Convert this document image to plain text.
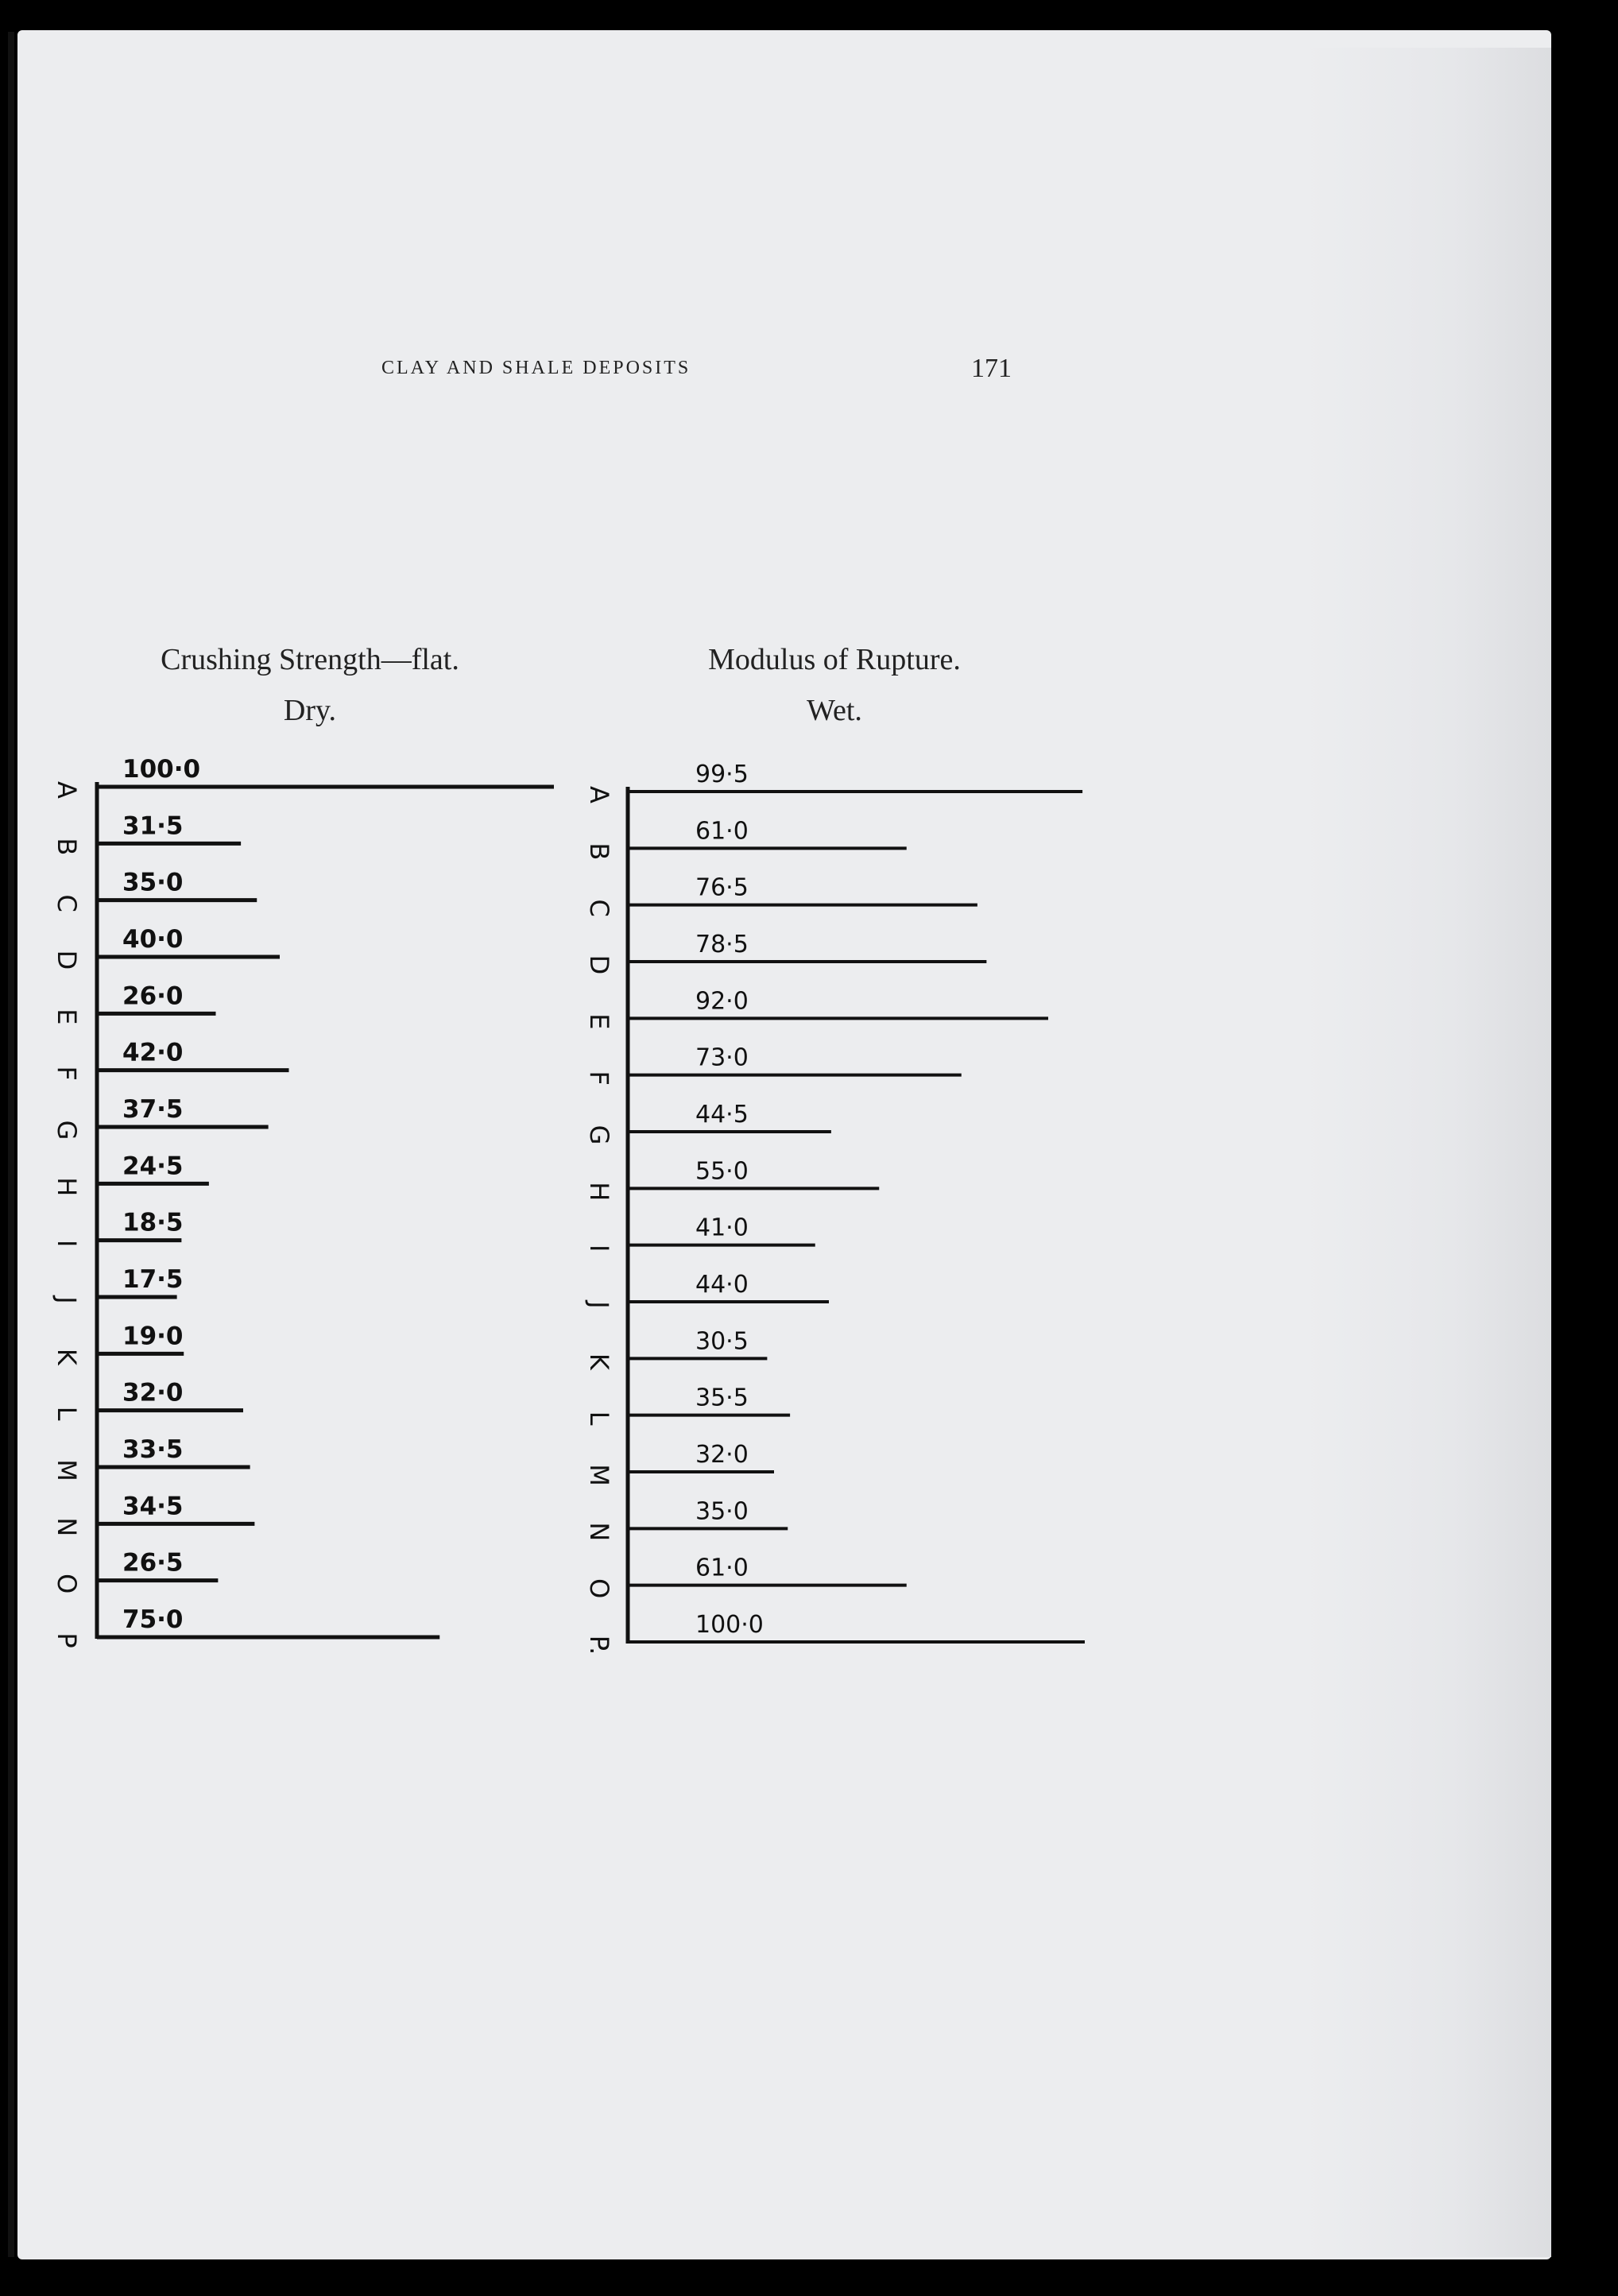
CLAY AND SHALE DEPOSITS	171
Crushing Strength—flat.
Dry.
Modulus of Rupture.
Wet.
100·0
A
31·5
B
35·0
C
40·0
D
26·0
E
42·0
F
37·5
G
24·5
H
18·5
I
17·5
J
19·0
K
32·0
L
33·5
M
34·5
N
26·5
O
75·0
P
99·5
A
61·0
B
76·5
C
78·5
D
92·0
E
73·0
F
44·5
G
55·0
H
41·0
I
44·0
J
30·5
K
35·5
L
32·0
M
35·0
N
61·0
O
100·0
P.
